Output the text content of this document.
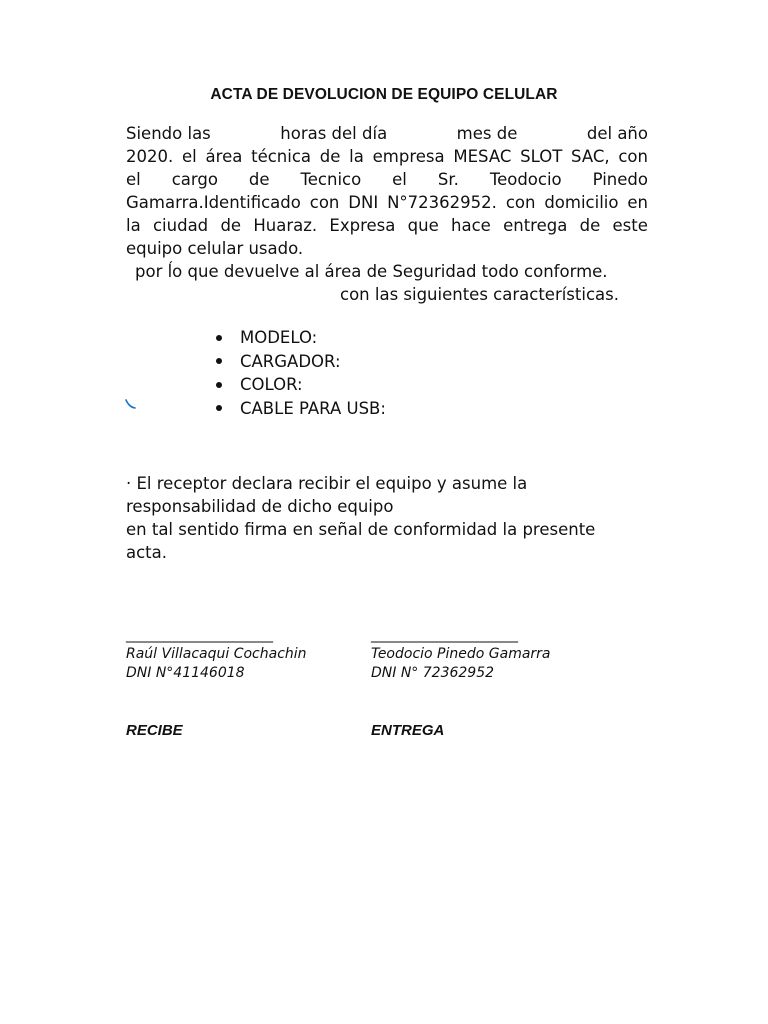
ACTA DE DEVOLUCION DE EQUIPO CELULAR
Siendo las	horas del día	mes de	del año
2020. el área técnica de la empresa MESAC SLOT SAC, con
el cargo de Tecnico el Sr. Teodocio Pinedo
Gamarra.Identificado con DNI N°72362952. con domicilio en
la ciudad de Huaraz. Expresa que hace entrega de este
equipo celular usado.
por ĺo que devuelve al área de Seguridad todo conforme.
con las siguientes características.
MODELO:
CARGADOR:
COLOR:
CABLE PARA USB:
· El receptor declara recibir el equipo y asume la
responsabilidad de dicho equipo
en tal sentido firma en señal de conformidad la presente
acta.
_____________________
Raúl Villacaqui Cochachin
DNI N°41146018
_____________________
Teodocio Pinedo Gamarra
DNI N° 72362952
RECIBE	ENTREGA
